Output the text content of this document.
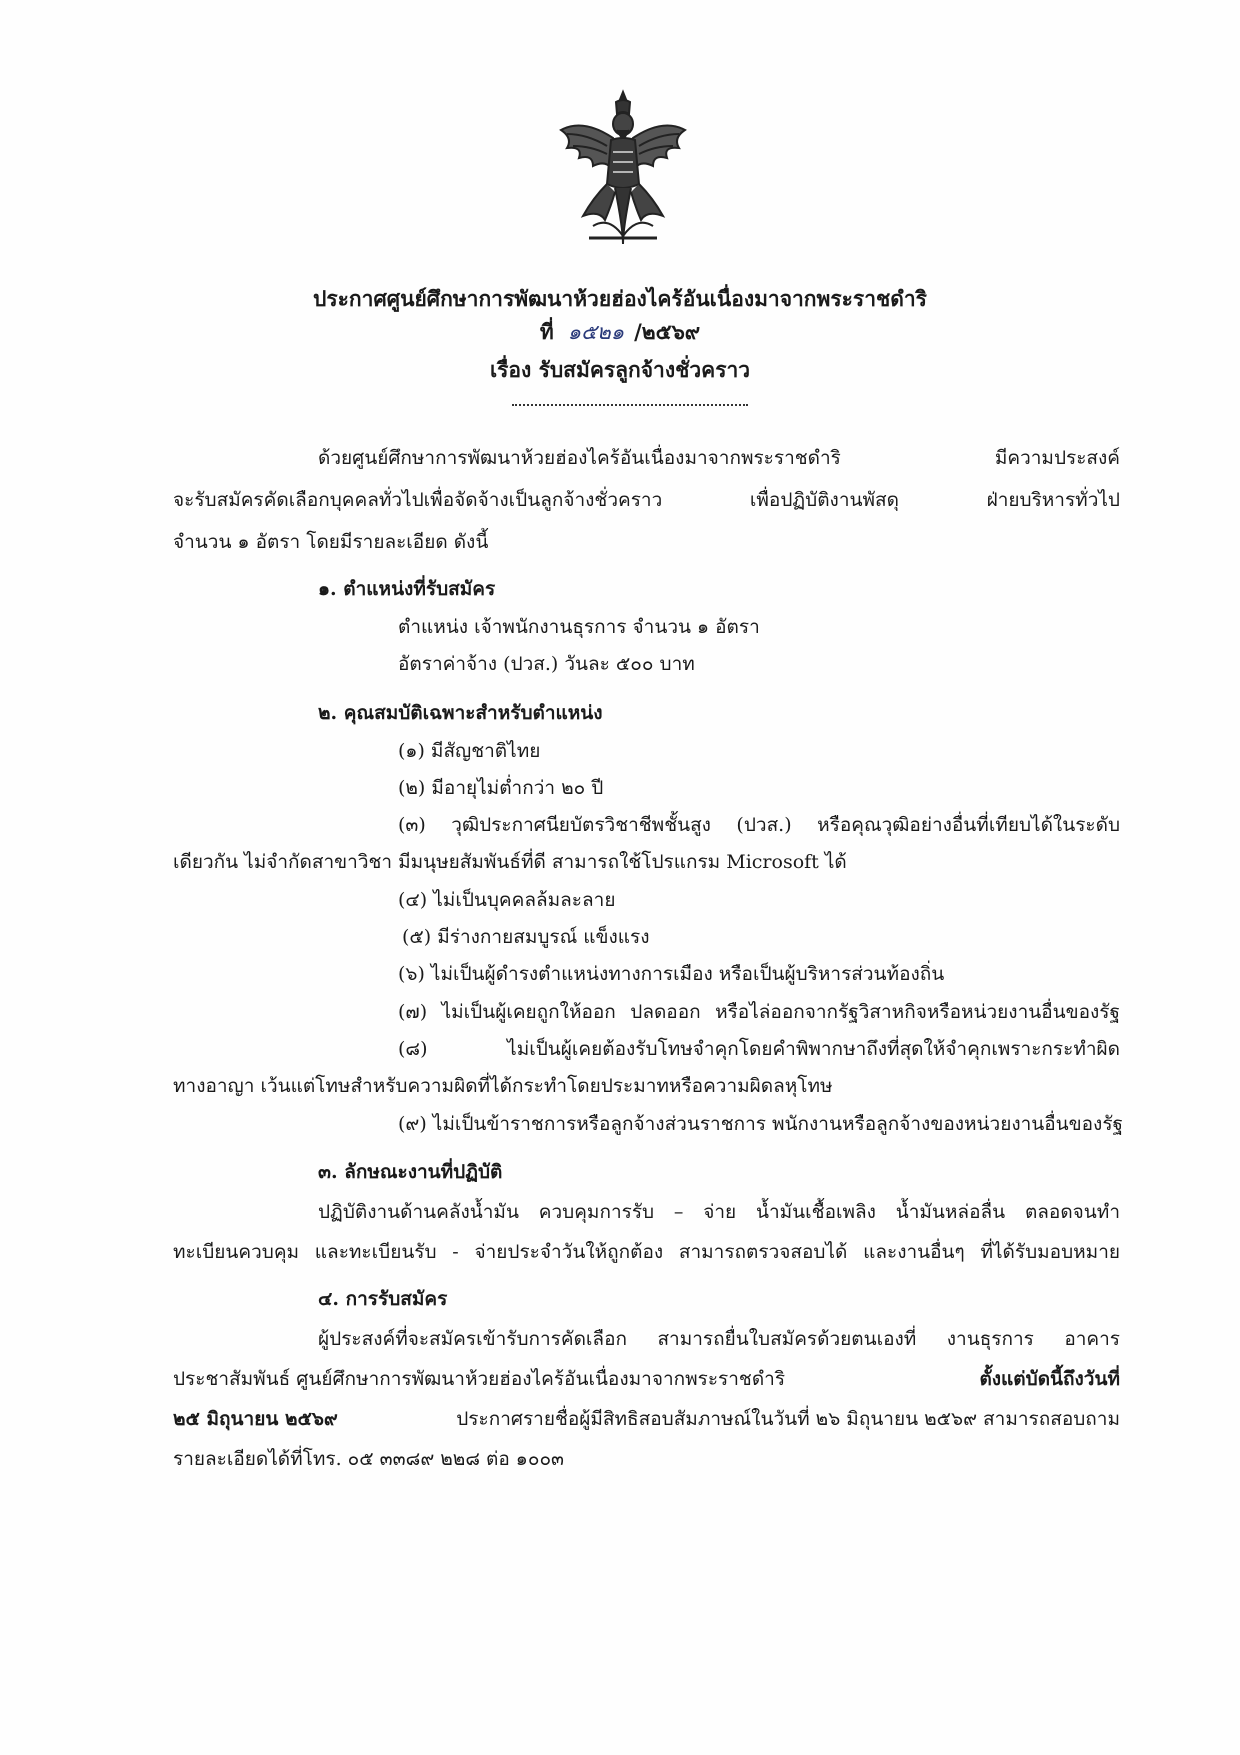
ประกาศศูนย์ศึกษาการพัฒนาห้วยฮ่องไคร้อันเนื่องมาจากพระราชดำริ
ที่ ๑๕๒๑ /๒๕๖๙
เรื่อง รับสมัครลูกจ้างชั่วคราว
ด้วยศูนย์ศึกษาการพัฒนาห้วยฮ่องไคร้อันเนื่องมาจากพระราชดำริ มีความประสงค์
จะรับสมัครคัดเลือกบุคคลทั่วไปเพื่อจัดจ้างเป็นลูกจ้างชั่วคราว เพื่อปฏิบัติงานพัสดุ ฝ่ายบริหารทั่วไป
จำนวน ๑ อัตรา โดยมีรายละเอียด ดังนี้
๑. ตำแหน่งที่รับสมัคร
ตำแหน่ง เจ้าพนักงานธุรการ จำนวน ๑ อัตรา
อัตราค่าจ้าง (ปวส.) วันละ ๕๐๐ บาท
๒. คุณสมบัติเฉพาะสำหรับตำแหน่ง
(๑) มีสัญชาติไทย
(๒) มีอายุไม่ต่ำกว่า ๒๐ ปี
(๓) วุฒิประกาศนียบัตรวิชาชีพชั้นสูง (ปวส.) หรือคุณวุฒิอย่างอื่นที่เทียบได้ในระดับ
เดียวกัน ไม่จำกัดสาขาวิชา มีมนุษยสัมพันธ์ที่ดี สามารถใช้โปรแกรม Microsoft ได้
(๔) ไม่เป็นบุคคลล้มละลาย
(๕) มีร่างกายสมบูรณ์ แข็งแรง
(๖) ไม่เป็นผู้ดำรงตำแหน่งทางการเมือง หรือเป็นผู้บริหารส่วนท้องถิ่น
(๗) ไม่เป็นผู้เคยถูกให้ออก ปลดออก หรือไล่ออกจากรัฐวิสาหกิจหรือหน่วยงานอื่นของรัฐ
(๘) ไม่เป็นผู้เคยต้องรับโทษจำคุกโดยคำพิพากษาถึงที่สุดให้จำคุกเพราะกระทำผิด
ทางอาญา เว้นแต่โทษสำหรับความผิดที่ได้กระทำโดยประมาทหรือความผิดลหุโทษ
(๙) ไม่เป็นข้าราชการหรือลูกจ้างส่วนราชการ พนักงานหรือลูกจ้างของหน่วยงานอื่นของรัฐ
๓. ลักษณะงานที่ปฏิบัติ
ปฏิบัติงานด้านคลังน้ำมัน ควบคุมการรับ – จ่าย น้ำมันเชื้อเพลิง น้ำมันหล่อลื่น ตลอดจนทำ
ทะเบียนควบคุม และทะเบียนรับ - จ่ายประจำวันให้ถูกต้อง สามารถตรวจสอบได้ และงานอื่นๆ ที่ได้รับมอบหมาย
๔. การรับสมัคร
ผู้ประสงค์ที่จะสมัครเข้ารับการคัดเลือก สามารถยื่นใบสมัครด้วยตนเองที่ งานธุรการ อาคาร
ประชาสัมพันธ์ ศูนย์ศึกษาการพัฒนาห้วยฮ่องไคร้อันเนื่องมาจากพระราชดำริ	ตั้งแต่บัดนี้ถึงวันที่
๒๕ มิถุนายน ๒๕๖๙	ประกาศรายชื่อผู้มีสิทธิสอบสัมภาษณ์ในวันที่ ๒๖ มิถุนายน ๒๕๖๙ สามารถสอบถาม
รายละเอียดได้ที่โทร. ๐๕ ๓๓๘๙ ๒๒๘ ต่อ ๑๐๐๓
